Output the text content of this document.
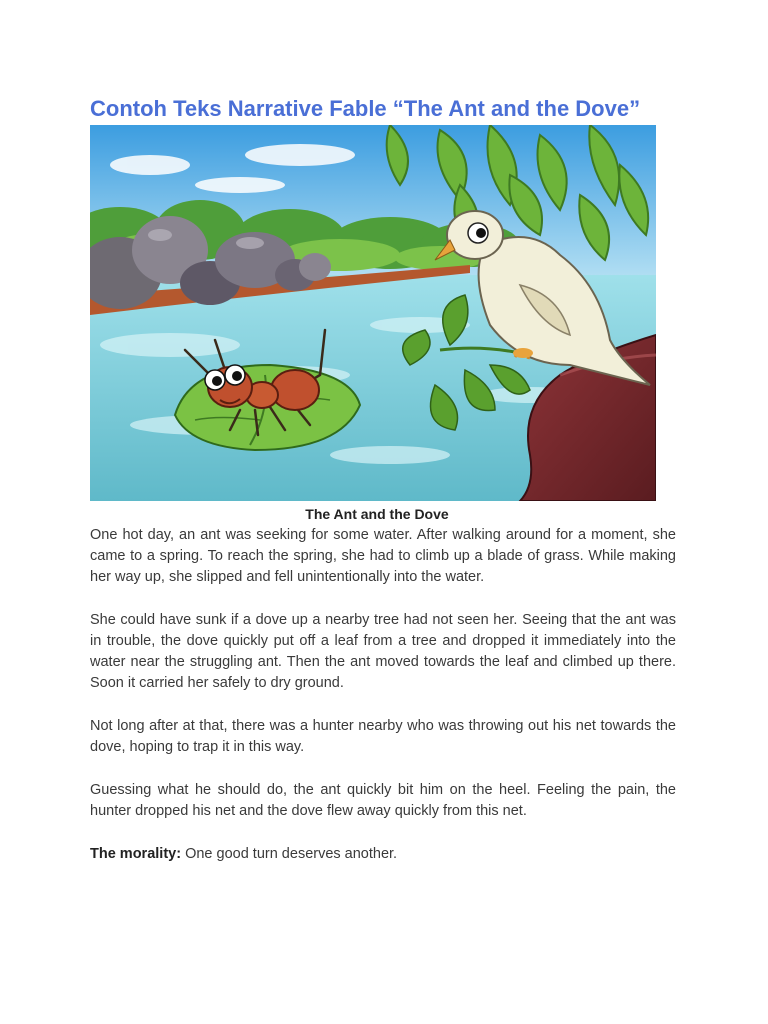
Contoh Teks Narrative Fable “The Ant and the Dove”

The Ant and the Dove

One hot day, an ant was seeking for some water. After walking around for a moment, she came to a spring. To reach the spring, she had to climb up a blade of grass. While making her way up, she slipped and fell unintentionally into the water.

She could have sunk if a dove up a nearby tree had not seen her. Seeing that the ant was in trouble, the dove quickly put off a leaf from a tree and dropped it immediately into the water near the struggling ant. Then the ant moved towards the leaf and climbed up there. Soon it carried her safely to dry ground.

Not long after at that, there was a hunter nearby who was throwing out his net towards the dove, hoping to trap it in this way.

Guessing what he should do, the ant quickly bit him on the heel. Feeling the pain, the hunter dropped his net and the dove flew away quickly from this net.

The morality: One good turn deserves another.
